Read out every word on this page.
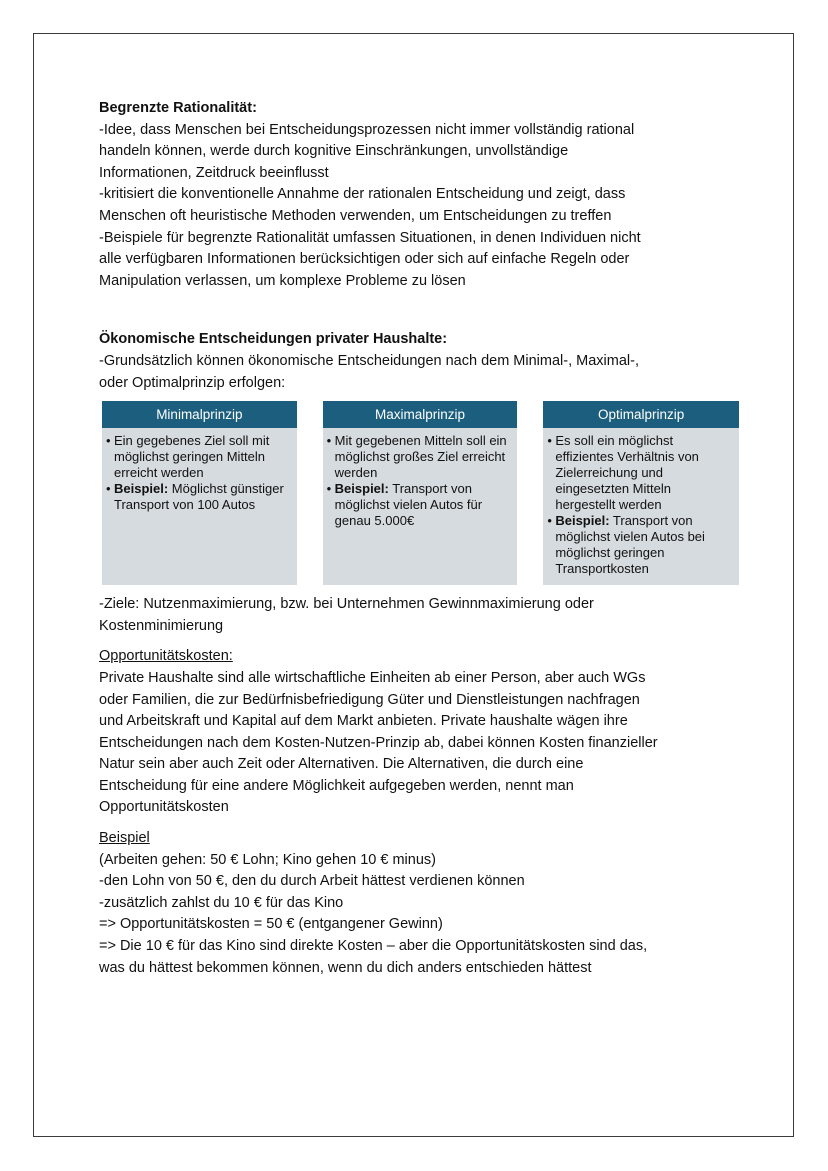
Begrenzte Rationalität:

-Idee, dass Menschen bei Entscheidungsprozessen nicht immer vollständig rational

handeln können, werde durch kognitive Einschränkungen, unvollständige

Informationen, Zeitdruck beeinflusst

-kritisiert die konventionelle Annahme der rationalen Entscheidung und zeigt, dass

Menschen oft heuristische Methoden verwenden, um Entscheidungen zu treffen

-Beispiele für begrenzte Rationalität umfassen Situationen, in denen Individuen nicht

alle verfügbaren Informationen berücksichtigen oder sich auf einfache Regeln oder

Manipulation verlassen, um komplexe Probleme zu lösen

Ökonomische Entscheidungen privater Haushalte:

-Grundsätzlich können ökonomische Entscheidungen nach dem Minimal-, Maximal-,

oder Optimalprinzip erfolgen:

Minimalprinzip

• Ein gegebenes Ziel soll mit möglichst geringen Mitteln erreicht werden

• Beispiel: Möglichst günstiger Transport von 100 Autos

Maximalprinzip

• Mit gegebenen Mitteln soll ein möglichst großes Ziel erreicht werden

• Beispiel: Transport von möglichst vielen Autos für genau 5.000€

Optimalprinzip

• Es soll ein möglichst effizientes Verhältnis von Zielerreichung und eingesetzten Mitteln hergestellt werden

• Beispiel: Transport von möglichst vielen Autos bei möglichst geringen Transportkosten

-Ziele: Nutzenmaximierung, bzw. bei Unternehmen Gewinnmaximierung oder

Kostenminimierung

Opportunitätskosten:

Private Haushalte sind alle wirtschaftliche Einheiten ab einer Person, aber auch WGs

oder Familien, die zur Bedürfnisbefriedigung Güter und Dienstleistungen nachfragen

und Arbeitskraft und Kapital auf dem Markt anbieten. Private haushalte wägen ihre

Entscheidungen nach dem Kosten-Nutzen-Prinzip ab, dabei können Kosten finanzieller

Natur sein aber auch Zeit oder Alternativen. Die Alternativen, die durch eine

Entscheidung für eine andere Möglichkeit aufgegeben werden, nennt man

Opportunitätskosten

Beispiel

(Arbeiten gehen: 50 € Lohn; Kino gehen 10 € minus)

-den Lohn von 50 €, den du durch Arbeit hättest verdienen können

-zusätzlich zahlst du 10 € für das Kino

=> Opportunitätskosten = 50 € (entgangener Gewinn)

=> Die 10 € für das Kino sind direkte Kosten – aber die Opportunitätskosten sind das,

was du hättest bekommen können, wenn du dich anders entschieden hättest
